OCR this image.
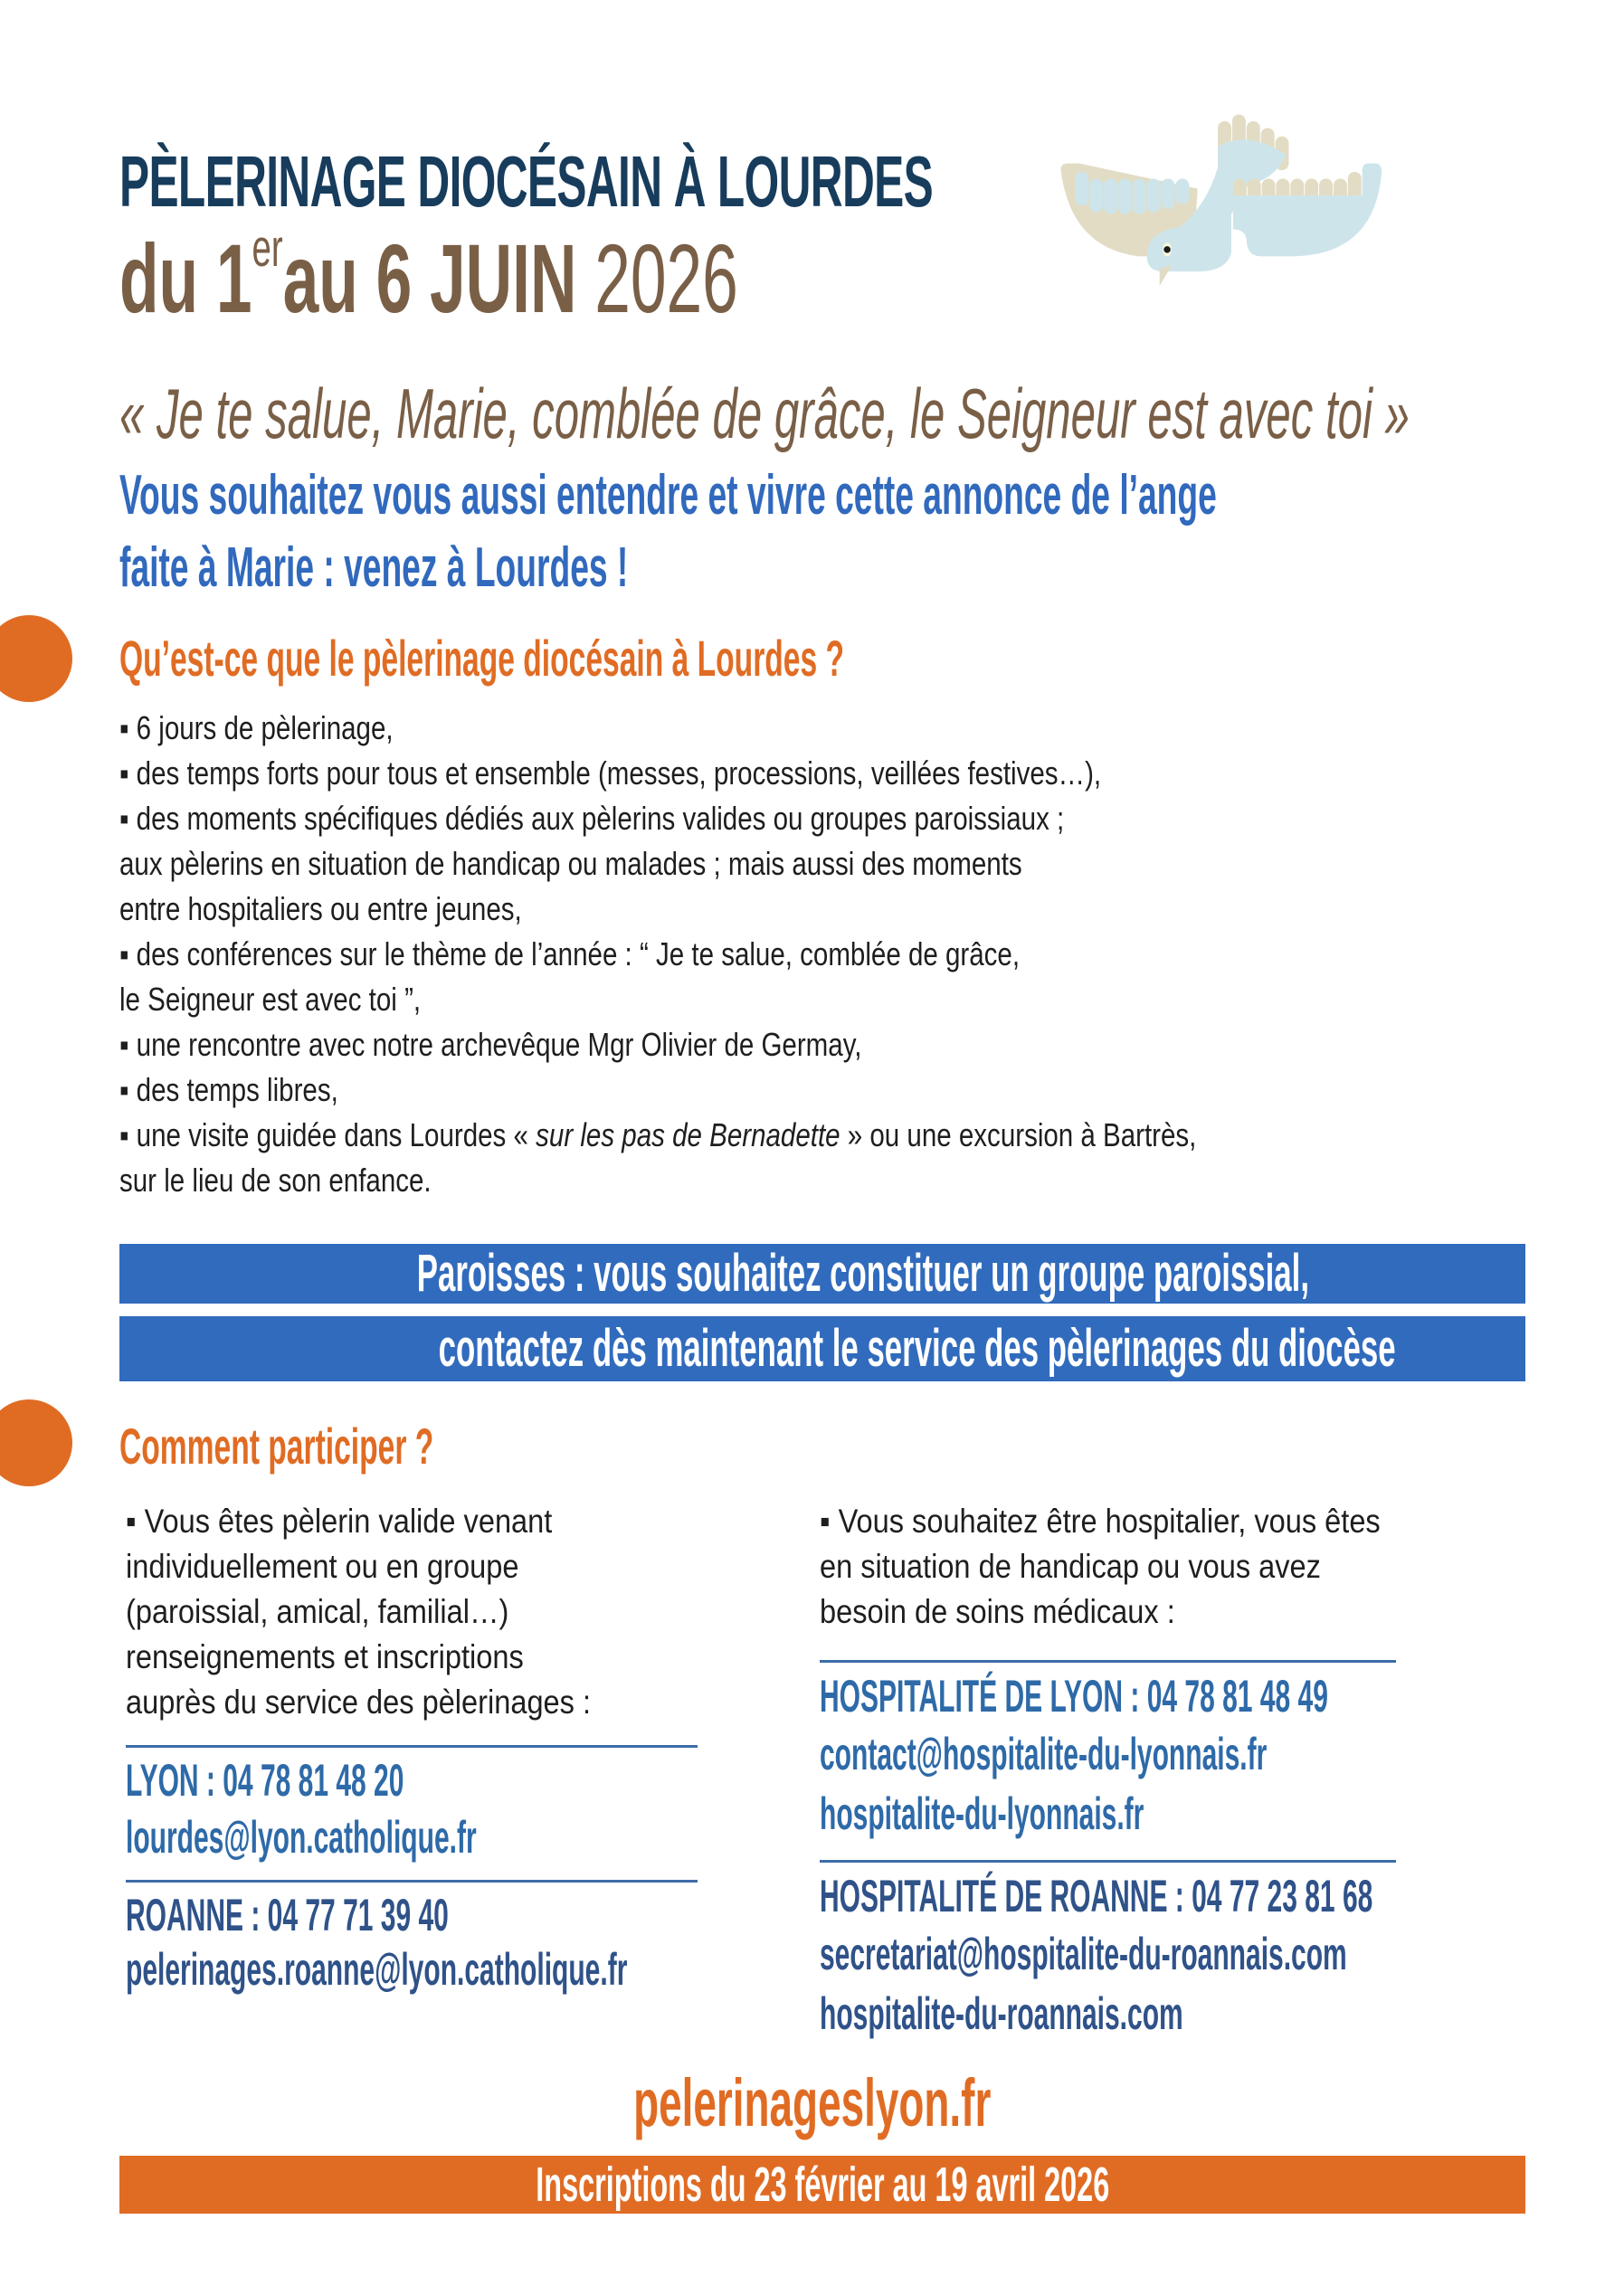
PÈLERINAGE DIOCÉSAIN À LOURDES
du 1erau 6 JUIN 2026
« Je te salue, Marie, comblée de grâce, le Seigneur est avec toi »
Vous souhaitez vous aussi entendre et vivre cette annonce de l’ange
faite à Marie : venez à Lourdes !
Qu’est-ce que le pèlerinage diocésain à Lourdes ?
▪ 6 jours de pèlerinage,
▪ des temps forts pour tous et ensemble (messes, processions, veillées festives…),
▪ des moments spécifiques dédiés aux pèlerins valides ou groupes paroissiaux ;
aux pèlerins en situation de handicap ou malades ; mais aussi des moments
entre hospitaliers ou entre jeunes,
▪ des conférences sur le thème de l’année : “ Je te salue, comblée de grâce,
le Seigneur est avec toi ”,
▪ une rencontre avec notre archevêque Mgr Olivier de Germay,
▪ des temps libres,
▪ une visite guidée dans Lourdes « sur les pas de Bernadette » ou une excursion à Bartrès,
sur le lieu de son enfance.
Paroisses : vous souhaitez constituer un groupe paroissial,
contactez dès maintenant le service des pèlerinages du diocèse
Comment participer ?
▪ Vous êtes pèlerin valide venant
individuellement ou en groupe
(paroissial, amical, familial…)
renseignements et inscriptions
auprès du service des pèlerinages :
LYON : 04 78 81 48 20
lourdes@lyon.catholique.fr
ROANNE : 04 77 71 39 40
pelerinages.roanne@lyon.catholique.fr
▪ Vous souhaitez être hospitalier, vous êtes
en situation de handicap ou vous avez
besoin de soins médicaux :
HOSPITALITÉ DE LYON : 04 78 81 48 49
contact@hospitalite-du-lyonnais.fr
hospitalite-du-lyonnais.fr
HOSPITALITÉ DE ROANNE : 04 77 23 81 68
secretariat@hospitalite-du-roannais.com
hospitalite-du-roannais.com
pelerinageslyon.fr
Inscriptions du 23 février au 19 avril 2026
